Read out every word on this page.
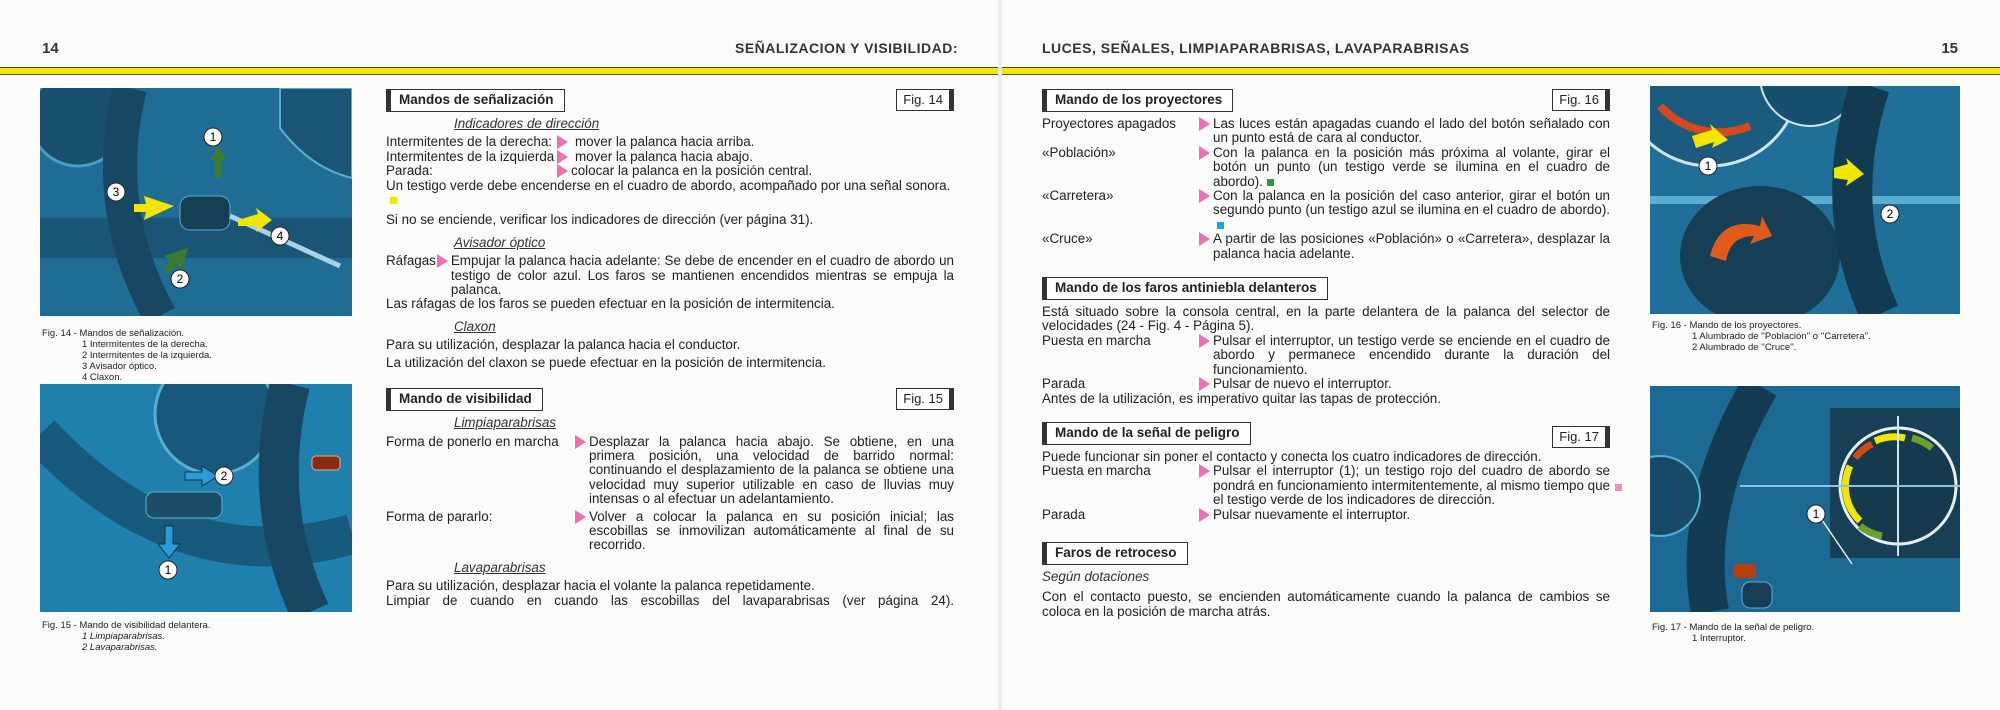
14	SEÑALIZACION Y VISIBILIDAD:
1
2
3
4
Fig. 14 - Mandos de señalización.
1 Intermitentes de la derecha.
2 Intermitentes de la izquierda.
3 Avisador óptico.
4 Claxon.
1
2
Fig. 15 - Mando de visibilidad delantera.
1 Limpiaparabrisas.
2 Lavaparabrisas.
Mandos de señalización	Fig. 14
Indicadores de dirección
Intermitentes de la derecha: mover la palanca hacia arriba.
Intermitentes de la izquierda mover la palanca hacia abajo.
Parada:	colocar la palanca en la posición central.

Un testigo verde debe encenderse en el cuadro de abordo, acompañado por una señal sonora.

Si no se enciende, verificar los indicadores de dirección (ver página 31).

Avisador óptico
Ráfagas Empujar la palanca hacia adelante: Se debe de encender en el cuadro de abordo un testigo de color azul. Los faros se mantienen encendidos mientras se empuja la palanca.

Las ráfagas de los faros se pueden efectuar en la posición de intermitencia.

Claxon

Para su utilización, desplazar la palanca hacia el conductor.

La utilización del claxon se puede efectuar en la posición de intermitencia.

Mando de visibilidad	Fig. 15
Limpiaparabrisas
Forma de ponerlo en marcha	Desplazar la palanca hacia abajo. Se obtiene, en una primera posición, una velocidad de barrido normal: continuando el desplazamiento de la palanca se obtiene una velocidad muy superior utilizable en caso de lluvias muy intensas o al efectuar un adelantamiento.
Forma de pararlo:	Volver a colocar la palanca en su posición inicial; las escobillas se inmovilizan automáticamente al final de su recorrido.
Lavaparabrisas

Para su utilización, desplazar hacia el volante la palanca repetidamente.

Limpiar de cuando en cuando las escobillas del lavaparabrisas (ver página 24).

LUCES, SEÑALES, LIMPIAPARABRISAS, LAVAPARABRISAS	15
Mando de los proyectores	Fig. 16
Proyectores apagados	Las luces están apagadas cuando el lado del botón señalado con un punto está de cara al conductor.
«Población»	Con la palanca en la posición más próxima al volante, girar el botón un punto (un testigo verde se ilumina en el cuadro de abordo).
«Carretera»	Con la palanca en la posición del caso anterior, girar el botón un segundo punto (un testigo azul se ilumina en el cuadro de abordo).
«Cruce»	A partir de las posiciones «Población» o «Carretera», desplazar la palanca hacia adelante.
Mando de los faros antiniebla delanteros

Está situado sobre la consola central, en la parte delantera de la palanca del selector de velocidades (24 - Fig. 4 - Página 5).

Puesta en marcha	Pulsar el interruptor, un testigo verde se enciende en el cuadro de abordo y permanece encendido durante la duración del funcionamiento.
Parada	Pulsar de nuevo el interruptor.

Antes de la utilización, es imperativo quitar las tapas de protección.

Mando de la señal de peligro	Fig. 17

Puede funcionar sin poner el contacto y conecta los cuatro indicadores de dirección.

Puesta en marcha	Pulsar el interruptor (1); un testigo rojo del cuadro de abordo se pondrá en funcionamiento intermitentemente, al mismo tiempo que el testigo verde de los indicadores de dirección.
Parada	Pulsar nuevamente el interruptor.
Faros de retroceso
Según dotaciones

Con el contacto puesto, se encienden automáticamente cuando la palanca de cambios se coloca en la posición de marcha atrás.

1
2
Fig. 16 - Mando de los proyectores.
1 Alumbrado de ''Población'' o ''Carretera''.
2 Alumbrado de ''Cruce''.
1
Fig. 17 - Mando de la señal de peligro.
1 Interruptor.
